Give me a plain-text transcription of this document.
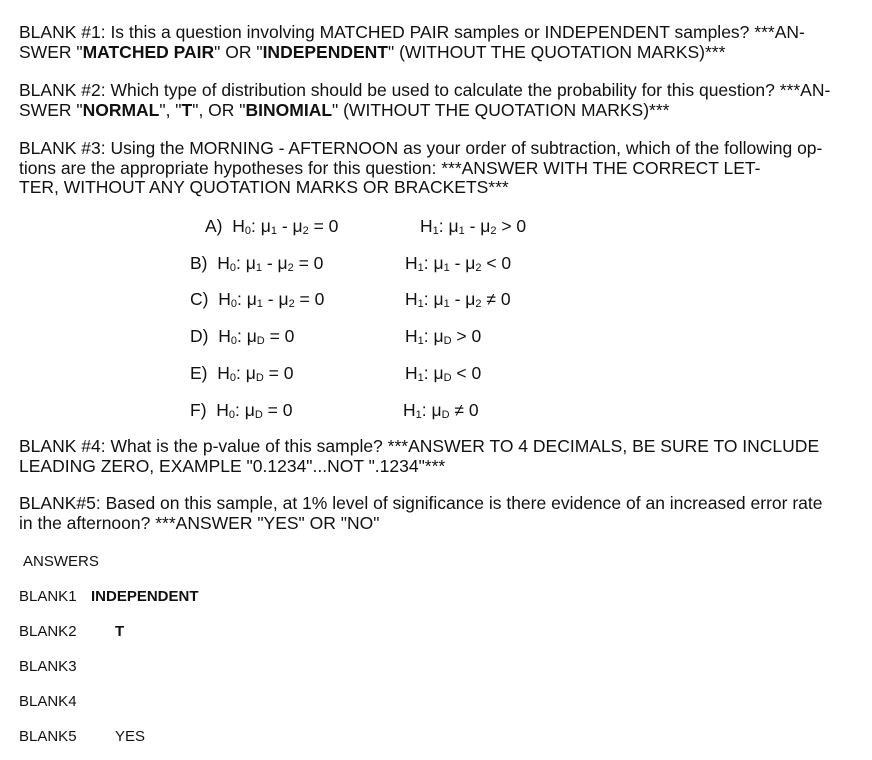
BLANK #1: Is this a question involving MATCHED PAIR samples or INDEPENDENT samples? ***AN-
SWER "MATCHED PAIR" OR "INDEPENDENT" (WITHOUT THE QUOTATION MARKS)***
BLANK #2: Which type of distribution should be used to calculate the probability for this question? ***AN-
SWER "NORMAL", "T", OR "BINOMIAL" (WITHOUT THE QUOTATION MARKS)***
BLANK #3: Using the MORNING - AFTERNOON as your order of subtraction, which of the following op-
tions are the appropriate hypotheses for this question: ***ANSWER WITH THE CORRECT LET-
TER, WITHOUT ANY QUOTATION MARKS OR BRACKETS***
A)  $H_0$: $\mu_1 - \mu_2 = 0$	$H_1$: $\mu_1 - \mu_2 > 0$
B)  $H_0$: $\mu_1 - \mu_2 = 0$	$H_1$: $\mu_1 - \mu_2 < 0$
C)  $H_0$: $\mu_1 - \mu_2 = 0$	$H_1$: $\mu_1 - \mu_2 \ne 0$
D)  $H_0$: $\mu_D = 0$	$H_1$: $\mu_D > 0$
E)  $H_0$: $\mu_D = 0$	$H_1$: $\mu_D < 0$
F)  $H_0$: $\mu_D = 0$	$H_1$: $\mu_D \ne 0$
BLANK #4: What is the p-value of this sample? ***ANSWER TO 4 DECIMALS, BE SURE TO INCLUDE
LEADING ZERO, EXAMPLE "0.1234"...NOT ".1234"***
BLANK#5: Based on this sample, at 1% level of significance is there evidence of an increased error rate
in the afternoon? ***ANSWER "YES" OR "NO"
ANSWERS
BLANK1 INDEPENDENT
BLANK2	T
BLANK3
BLANK4
BLANK5	YES
